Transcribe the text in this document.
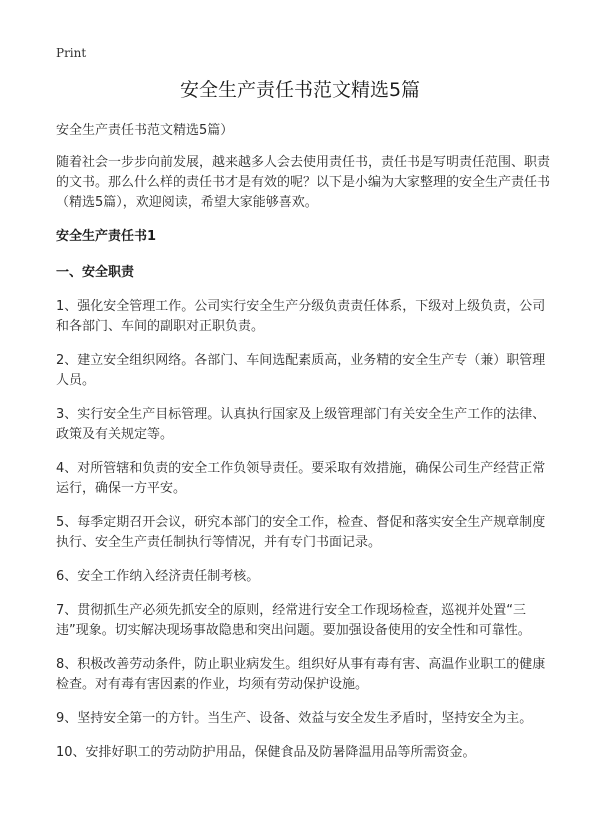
Print
安全生产责任书范文精选5篇

安全生产责任书范文精选5篇）

随着社会一步步向前发展，越来越多人会去使用责任书，责任书是写明责任范围、职责的文书。那么什么样的责任书才是有效的呢？以下是小编为大家整理的安全生产责任书（精选5篇），欢迎阅读，希望大家能够喜欢。

安全生产责任书1

一、安全职责

1、强化安全管理工作。公司实行安全生产分级负责责任体系，下级对上级负责，公司和各部门、车间的副职对正职负责。

2、建立安全组织网络。各部门、车间选配素质高，业务精的安全生产专（兼）职管理人员。

3、实行安全生产目标管理。认真执行国家及上级管理部门有关安全生产工作的法律、政策及有关规定等。

4、对所管辖和负责的安全工作负领导责任。要采取有效措施，确保公司生产经营正常运行，确保一方平安。

5、每季定期召开会议，研究本部门的安全工作，检查、督促和落实安全生产规章制度执行、安全生产责任制执行等情况，并有专门书面记录。

6、安全工作纳入经济责任制考核。

7、贯彻抓生产必须先抓安全的原则，经常进行安全工作现场检查，巡视并处置“三违”现象。切实解决现场事故隐患和突出问题。要加强设备使用的安全性和可靠性。

8、积极改善劳动条件，防止职业病发生。组织好从事有毒有害、高温作业职工的健康检查。对有毒有害因素的作业，均须有劳动保护设施。

9、坚持安全第一的方针。当生产、设备、效益与安全发生矛盾时，坚持安全为主。

10、安排好职工的劳动防护用品，保健食品及防暑降温用品等所需资金。
